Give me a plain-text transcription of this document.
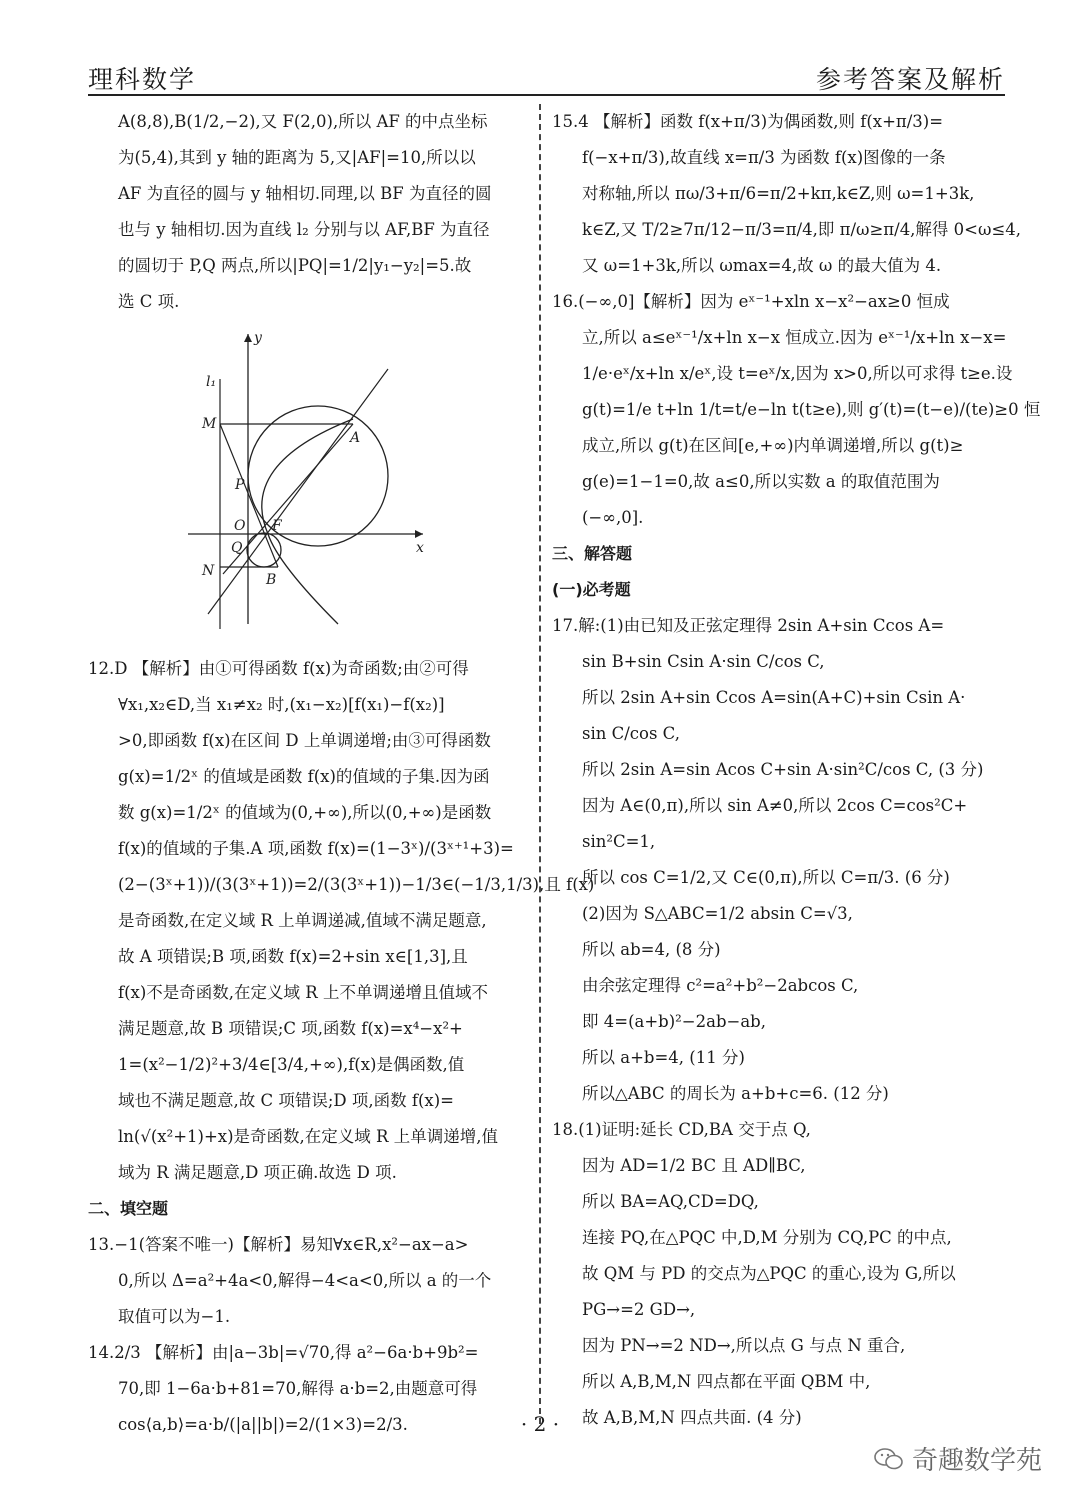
理科数学	参考答案及解析
A(8,8),B(1/2,−2),又 F(2,0),所以 AF 的中点坐标
为(5,4),其到 y 轴的距离为 5,又|AF|=10,所以以
AF 为直径的圆与 y 轴相切.同理,以 BF 为直径的圆
也与 y 轴相切.因为直线 l₂ 分别与以 AF,BF 为直径
的圆切于 P,Q 两点,所以|PQ|=1/2|y₁−y₂|=5.故
选 C 项.
y
x
l₁
M
A
P
O F
Q
N
B
12.D 【解析】由①可得函数 f(x)为奇函数;由②可得
∀x₁,x₂∈D,当 x₁≠x₂ 时,(x₁−x₂)[f(x₁)−f(x₂)]
>0,即函数 f(x)在区间 D 上单调递增;由③可得函数
g(x)=1/2ˣ 的值域是函数 f(x)的值域的子集.因为函
数 g(x)=1/2ˣ 的值域为(0,+∞),所以(0,+∞)是函数
f(x)的值域的子集.A 项,函数 f(x)=(1−3ˣ)/(3ˣ⁺¹+3)=
(2−(3ˣ+1))/(3(3ˣ+1))=2/(3(3ˣ+1))−1/3∈(−1/3,1/3),且 f(x)
是奇函数,在定义域 R 上单调递减,值域不满足题意,
故 A 项错误;B 项,函数 f(x)=2+sin x∈[1,3],且
f(x)不是奇函数,在定义域 R 上不单调递增且值域不
满足题意,故 B 项错误;C 项,函数 f(x)=x⁴−x²+
1=(x²−1/2)²+3/4∈[3/4,+∞),f(x)是偶函数,值
域也不满足题意,故 C 项错误;D 项,函数 f(x)=
ln(√(x²+1)+x)是奇函数,在定义域 R 上单调递增,值
域为 R 满足题意,D 项正确.故选 D 项.
二、填空题
13.−1(答案不唯一)【解析】易知∀x∈R,x²−ax−a>
0,所以 Δ=a²+4a<0,解得−4<a<0,所以 a 的一个
取值可以为−1.
14.2/3 【解析】由|a−3b|=√70,得 a²−6a·b+9b²=
70,即 1−6a·b+81=70,解得 a·b=2,由题意可得
cos⟨a,b⟩=a·b/(|a||b|)=2/(1×3)=2/3.
15.4 【解析】函数 f(x+π/3)为偶函数,则 f(x+π/3)=
f(−x+π/3),故直线 x=π/3 为函数 f(x)图像的一条
对称轴,所以 πω/3+π/6=π/2+kπ,k∈Z,则 ω=1+3k,
k∈Z,又 T/2≥7π/12−π/3=π/4,即 π/ω≥π/4,解得 0<ω≤4,
又 ω=1+3k,所以 ωmax=4,故 ω 的最大值为 4.
16.(−∞,0]【解析】因为 eˣ⁻¹+xln x−x²−ax≥0 恒成
立,所以 a≤eˣ⁻¹/x+ln x−x 恒成立.因为 eˣ⁻¹/x+ln x−x=
1/e·eˣ/x+ln x/eˣ,设 t=eˣ/x,因为 x>0,所以可求得 t≥e.设
g(t)=1/e t+ln 1/t=t/e−ln t(t≥e),则 g′(t)=(t−e)/(te)≥0 恒
成立,所以 g(t)在区间[e,+∞)内单调递增,所以 g(t)≥
g(e)=1−1=0,故 a≤0,所以实数 a 的取值范围为
(−∞,0].
三、解答题
(一)必考题
17.解:(1)由已知及正弦定理得 2sin A+sin Ccos A=
sin B+sin Csin A·sin C/cos C,
所以 2sin A+sin Ccos A=sin(A+C)+sin Csin A·
sin C/cos C,
所以 2sin A=sin Acos C+sin A·sin²C/cos C, (3 分)
因为 A∈(0,π),所以 sin A≠0,所以 2cos C=cos²C+
sin²C=1,
所以 cos C=1/2,又 C∈(0,π),所以 C=π/3. (6 分)
(2)因为 S△ABC=1/2 absin C=√3,
所以 ab=4, (8 分)
由余弦定理得 c²=a²+b²−2abcos C,
即 4=(a+b)²−2ab−ab,
所以 a+b=4, (11 分)
所以△ABC 的周长为 a+b+c=6. (12 分)
18.(1)证明:延长 CD,BA 交于点 Q,
因为 AD=1/2 BC 且 AD∥BC,
所以 BA=AQ,CD=DQ,
连接 PQ,在△PQC 中,D,M 分别为 CQ,PC 的中点,
故 QM 与 PD 的交点为△PQC 的重心,设为 G,所以
PG→=2 GD→,
因为 PN→=2 ND→,所以点 G 与点 N 重合,
所以 A,B,M,N 四点都在平面 QBM 中,
故 A,B,M,N 四点共面. (4 分)
· 2 ·
奇趣数学苑
